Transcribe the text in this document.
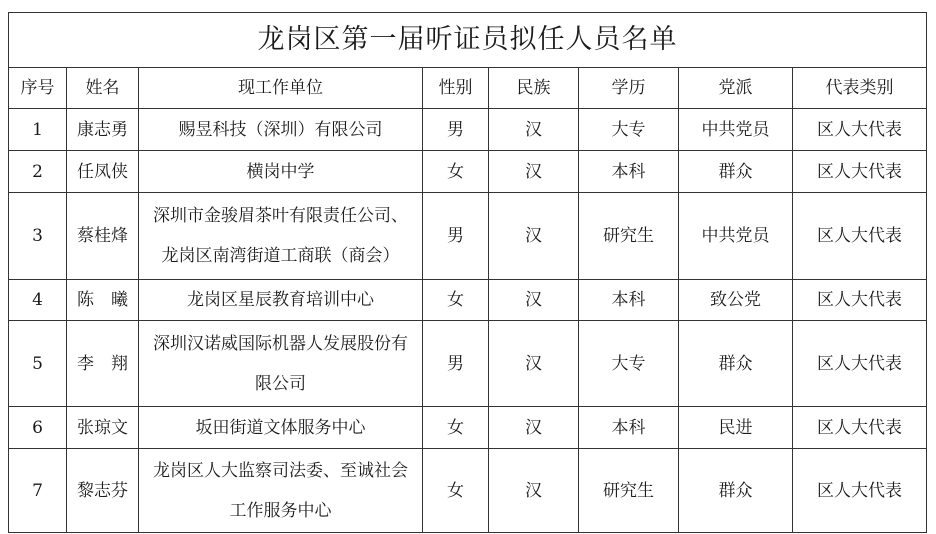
龙岗区第一届听证员拟任人员名单							
序号	姓名	现工作单位	性别	民族	学历	党派	代表类别
1	康志勇	赐昱科技（深圳）有限公司	男	汉	大专	中共党员	区人大代表
2	任凤侠	横岗中学	女	汉	本科	群众	区人大代表
3	蔡桂烽	深圳市金骏眉茶叶有限责任公司、龙岗区南湾街道工商联（商会）	男	汉	研究生	中共党员	区人大代表
4	陈　曦	龙岗区星辰教育培训中心	女	汉	本科	致公党	区人大代表
5	李　翔	深圳汉诺威国际机器人发展股份有限公司	男	汉	大专	群众	区人大代表
6	张琼文	坂田街道文体服务中心	女	汉	本科	民进	区人大代表
7	黎志芬	龙岗区人大监察司法委、至诚社会工作服务中心	女	汉	研究生	群众	区人大代表
